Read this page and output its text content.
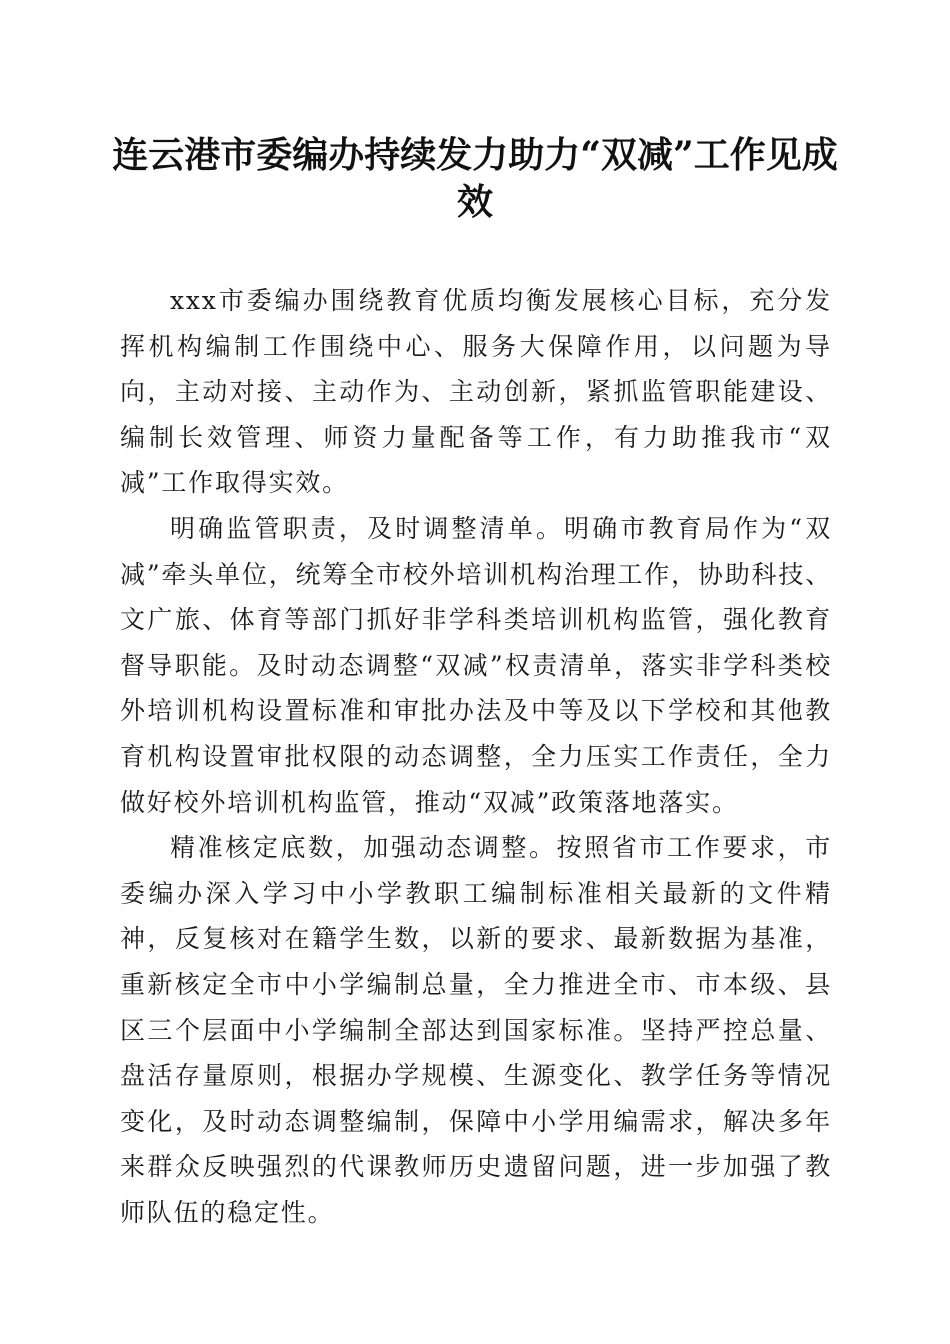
连云港市委编办持续发力助力“双减”工作见成效

xxx市委编办围绕教育优质均衡发展核心目标，充分发挥机构编制工作围绕中心、服务大保障作用，以问题为导向，主动对接、主动作为、主动创新，紧抓监管职能建设、编制长效管理、师资力量配备等工作，有力助推我市“双减”工作取得实效。

明确监管职责，及时调整清单。明确市教育局作为“双减”牵头单位，统筹全市校外培训机构治理工作，协助科技、文广旅、体育等部门抓好非学科类培训机构监管，强化教育督导职能。及时动态调整“双减”权责清单，落实非学科类校外培训机构设置标准和审批办法及中等及以下学校和其他教育机构设置审批权限的动态调整，全力压实工作责任，全力做好校外培训机构监管，推动“双减”政策落地落实。

精准核定底数，加强动态调整。按照省市工作要求，市委编办深入学习中小学教职工编制标准相关最新的文件精神，反复核对在籍学生数，以新的要求、最新数据为基准，重新核定全市中小学编制总量，全力推进全市、市本级、县区三个层面中小学编制全部达到国家标准。坚持严控总量、盘活存量原则，根据办学规模、生源变化、教学任务等情况变化，及时动态调整编制，保障中小学用编需求，解决多年来群众反映强烈的代课教师历史遗留问题，进一步加强了教师队伍的稳定性。
